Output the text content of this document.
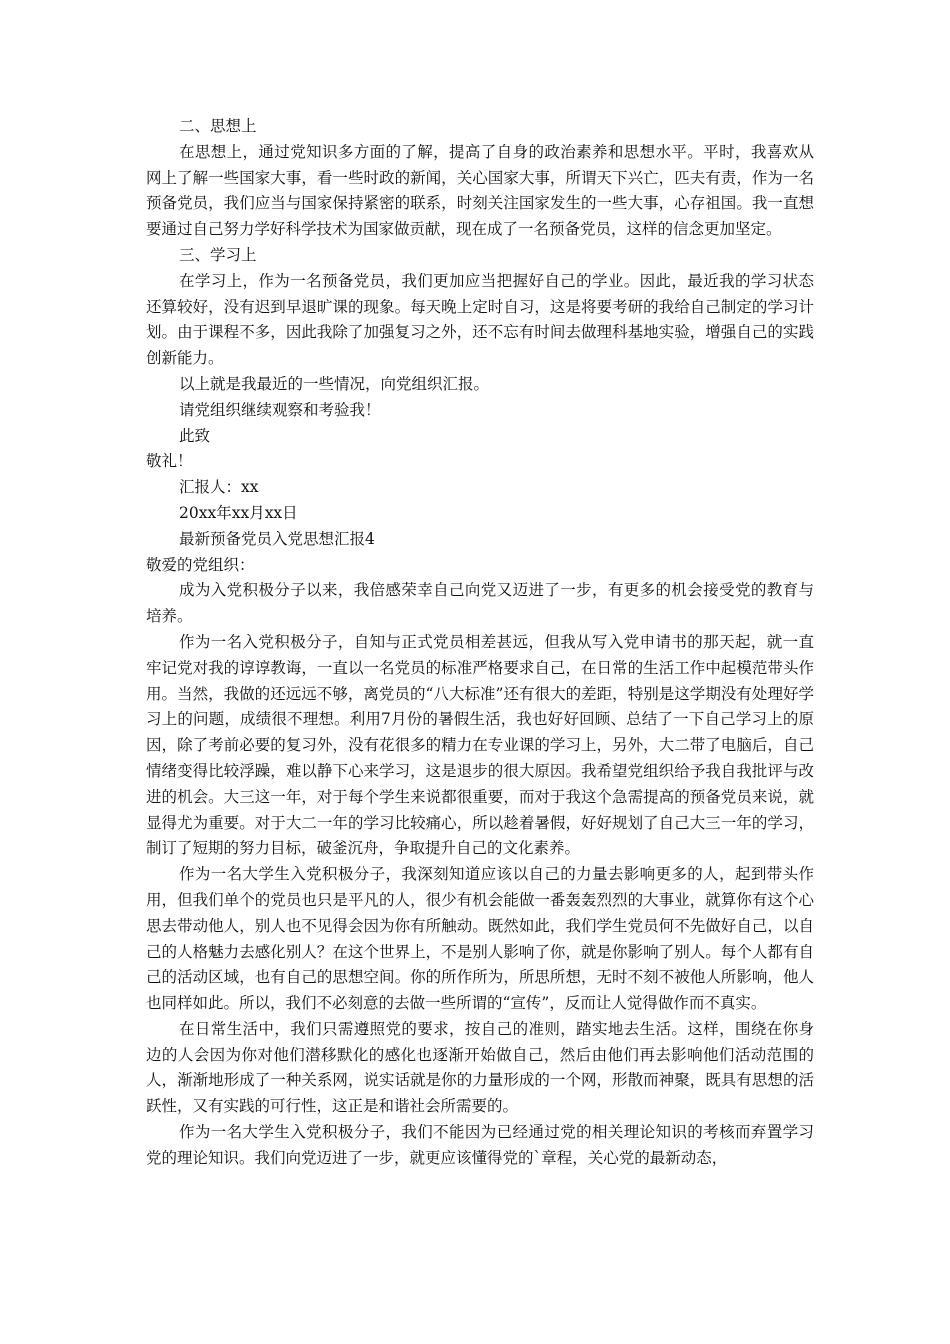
二、思想上

在思想上，通过党知识多方面的了解，提高了自身的政治素养和思想水平。平时，我喜欢从网上了解一些国家大事，看一些时政的新闻，关心国家大事，所谓天下兴亡，匹夫有责，作为一名预备党员，我们应当与国家保持紧密的联系，时刻关注国家发生的一些大事，心存祖国。我一直想要通过自己努力学好科学技术为国家做贡献，现在成了一名预备党员，这样的信念更加坚定。

三、学习上

在学习上，作为一名预备党员，我们更加应当把握好自己的学业。因此，最近我的学习状态还算较好，没有迟到早退旷课的现象。每天晚上定时自习，这是将要考研的我给自己制定的学习计划。由于课程不多，因此我除了加强复习之外，还不忘有时间去做理科基地实验，增强自己的实践创新能力。

以上就是我最近的一些情况，向党组织汇报。

请党组织继续观察和考验我！

此致

敬礼！

汇报人：xx

20xx年xx月xx日

最新预备党员入党思想汇报4

敬爱的党组织：

成为入党积极分子以来，我倍感荣幸自己向党又迈进了一步，有更多的机会接受党的教育与培养。

作为一名入党积极分子，自知与正式党员相差甚远，但我从写入党申请书的那天起，就一直牢记党对我的谆谆教诲，一直以一名党员的标准严格要求自己，在日常的生活工作中起模范带头作用。当然，我做的还远远不够，离党员的“八大标准”还有很大的差距，特别是这学期没有处理好学习上的问题，成绩很不理想。利用7月份的暑假生活，我也好好回顾、总结了一下自己学习上的原因，除了考前必要的复习外，没有花很多的精力在专业课的学习上，另外，大二带了电脑后，自己情绪变得比较浮躁，难以静下心来学习，这是退步的很大原因。我希望党组织给予我自我批评与改进的机会。大三这一年，对于每个学生来说都很重要，而对于我这个急需提高的预备党员来说，就显得尤为重要。对于大二一年的学习比较痛心，所以趁着暑假，好好规划了自己大三一年的学习，制订了短期的努力目标，破釜沉舟，争取提升自己的文化素养。

作为一名大学生入党积极分子，我深刻知道应该以自己的力量去影响更多的人，起到带头作用，但我们单个的党员也只是平凡的人，很少有机会能做一番轰轰烈烈的大事业，就算你有这个心思去带动他人，别人也不见得会因为你有所触动。既然如此，我们学生党员何不先做好自己，以自己的人格魅力去感化别人？在这个世界上，不是别人影响了你，就是你影响了别人。每个人都有自己的活动区域，也有自己的思想空间。你的所作所为，所思所想，无时不刻不被他人所影响，他人也同样如此。所以，我们不必刻意的去做一些所谓的“宣传”，反而让人觉得做作而不真实。

在日常生活中，我们只需遵照党的要求，按自己的准则，踏实地去生活。这样，围绕在你身边的人会因为你对他们潜移默化的感化也逐渐开始做自己，然后由他们再去影响他们活动范围的人，渐渐地形成了一种关系网，说实话就是你的力量形成的一个网，形散而神聚，既具有思想的活跃性，又有实践的可行性，这正是和谐社会所需要的。

作为一名大学生入党积极分子，我们不能因为已经通过党的相关理论知识的考核而弃置学习党的理论知识。我们向党迈进了一步，就更应该懂得党的`章程，关心党的最新动态，
